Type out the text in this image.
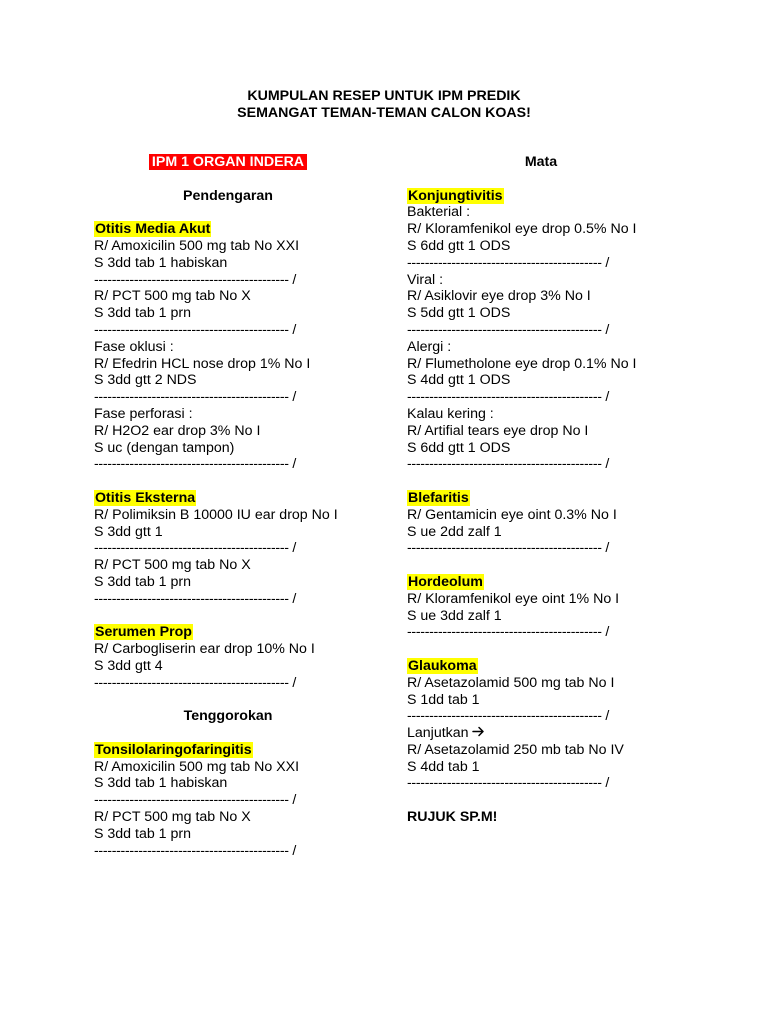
KUMPULAN RESEP UNTUK IPM PREDIK
SEMANGAT TEMAN-TEMAN CALON KOAS!
IPM 1 ORGAN INDERA
Pendengaran
Otitis Media Akut
R/ Amoxicilin 500 mg tab No XXI
S 3dd tab 1 habiskan
-------------------------------------------- /
R/ PCT 500 mg tab No X
S 3dd tab 1 prn
-------------------------------------------- /
Fase oklusi :
R/ Efedrin HCL nose drop 1% No I
S 3dd gtt 2 NDS
-------------------------------------------- /
Fase perforasi :
R/ H2O2 ear drop 3% No I
S uc (dengan tampon)
-------------------------------------------- /
Otitis Eksterna
R/ Polimiksin B 10000 IU ear drop No I
S 3dd gtt 1
-------------------------------------------- /
R/ PCT 500 mg tab No X
S 3dd tab 1 prn
-------------------------------------------- /
Serumen Prop
R/ Carbogliserin ear drop 10% No I
S 3dd gtt 4
-------------------------------------------- /
Tenggorokan
Tonsilolaringofaringitis
R/ Amoxicilin 500 mg tab No XXI
S 3dd tab 1 habiskan
-------------------------------------------- /
R/ PCT 500 mg tab No X
S 3dd tab 1 prn
-------------------------------------------- /
Mata
Konjungtivitis
Bakterial :
R/ Kloramfenikol eye drop 0.5% No I
S 6dd gtt 1 ODS
-------------------------------------------- /
Viral :
R/ Asiklovir eye drop 3% No I
S 5dd gtt 1 ODS
-------------------------------------------- /
Alergi :
R/ Flumetholone eye drop 0.1% No I
S 4dd gtt 1 ODS
-------------------------------------------- /
Kalau kering :
R/ Artifial tears eye drop No I
S 6dd gtt 1 ODS
-------------------------------------------- /
Blefaritis
R/ Gentamicin eye oint 0.3% No I
S ue 2dd zalf 1
-------------------------------------------- /
Hordeolum
R/ Kloramfenikol eye oint 1% No I
S ue 3dd zalf 1
-------------------------------------------- /
Glaukoma
R/ Asetazolamid 500 mg tab No I
S 1dd tab 1
-------------------------------------------- /
Lanjutkan
R/ Asetazolamid 250 mb tab No IV
S 4dd tab 1
-------------------------------------------- /
RUJUK SP.M!
